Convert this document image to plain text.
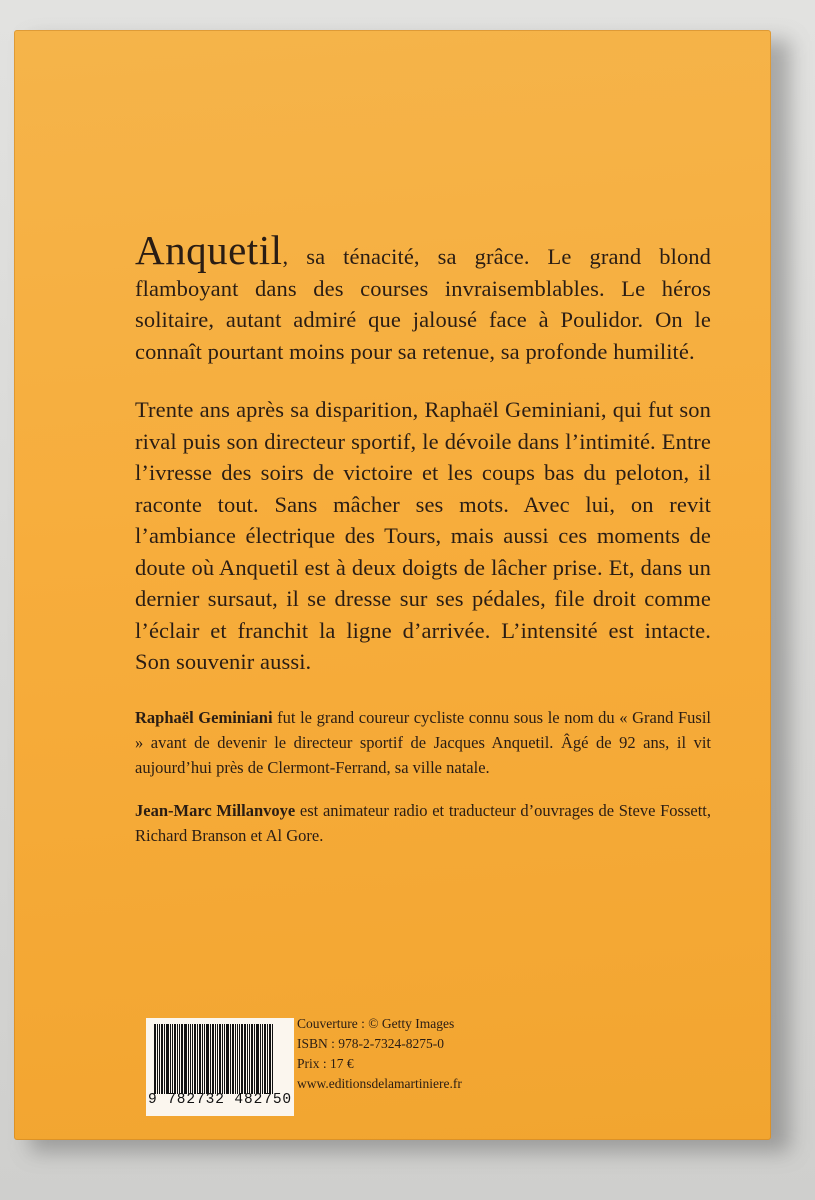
Anquetil, sa ténacité, sa grâce. Le grand blond flamboyant dans des courses invraisemblables. Le héros solitaire, autant admiré que jalousé face à Poulidor. On le connaît pourtant moins pour sa retenue, sa profonde humilité.

Trente ans après sa disparition, Raphaël Geminiani, qui fut son rival puis son directeur sportif, le dévoile dans l’intimité. Entre l’ivresse des soirs de victoire et les coups bas du peloton, il raconte tout. Sans mâcher ses mots. Avec lui, on revit l’ambiance électrique des Tours, mais aussi ces moments de doute où Anquetil est à deux doigts de lâcher prise. Et, dans un dernier sursaut, il se dresse sur ses pédales, file droit comme l’éclair et franchit la ligne d’arrivée. L’intensité est intacte. Son souvenir aussi.

Raphaël Geminiani fut le grand coureur cycliste connu sous le nom du « Grand Fusil » avant de devenir le directeur sportif de Jacques Anquetil. Âgé de 92 ans, il vit aujourd’hui près de Clermont-Ferrand, sa ville natale.

Jean-Marc Millanvoye est animateur radio et traducteur d’ouvrages de Steve Fossett, Richard Branson et Al Gore.

9 782732 482750
Couverture : © Getty Images
ISBN : 978-2-7324-8275-0
Prix : 17 €
www.editionsdelamartiniere.fr
